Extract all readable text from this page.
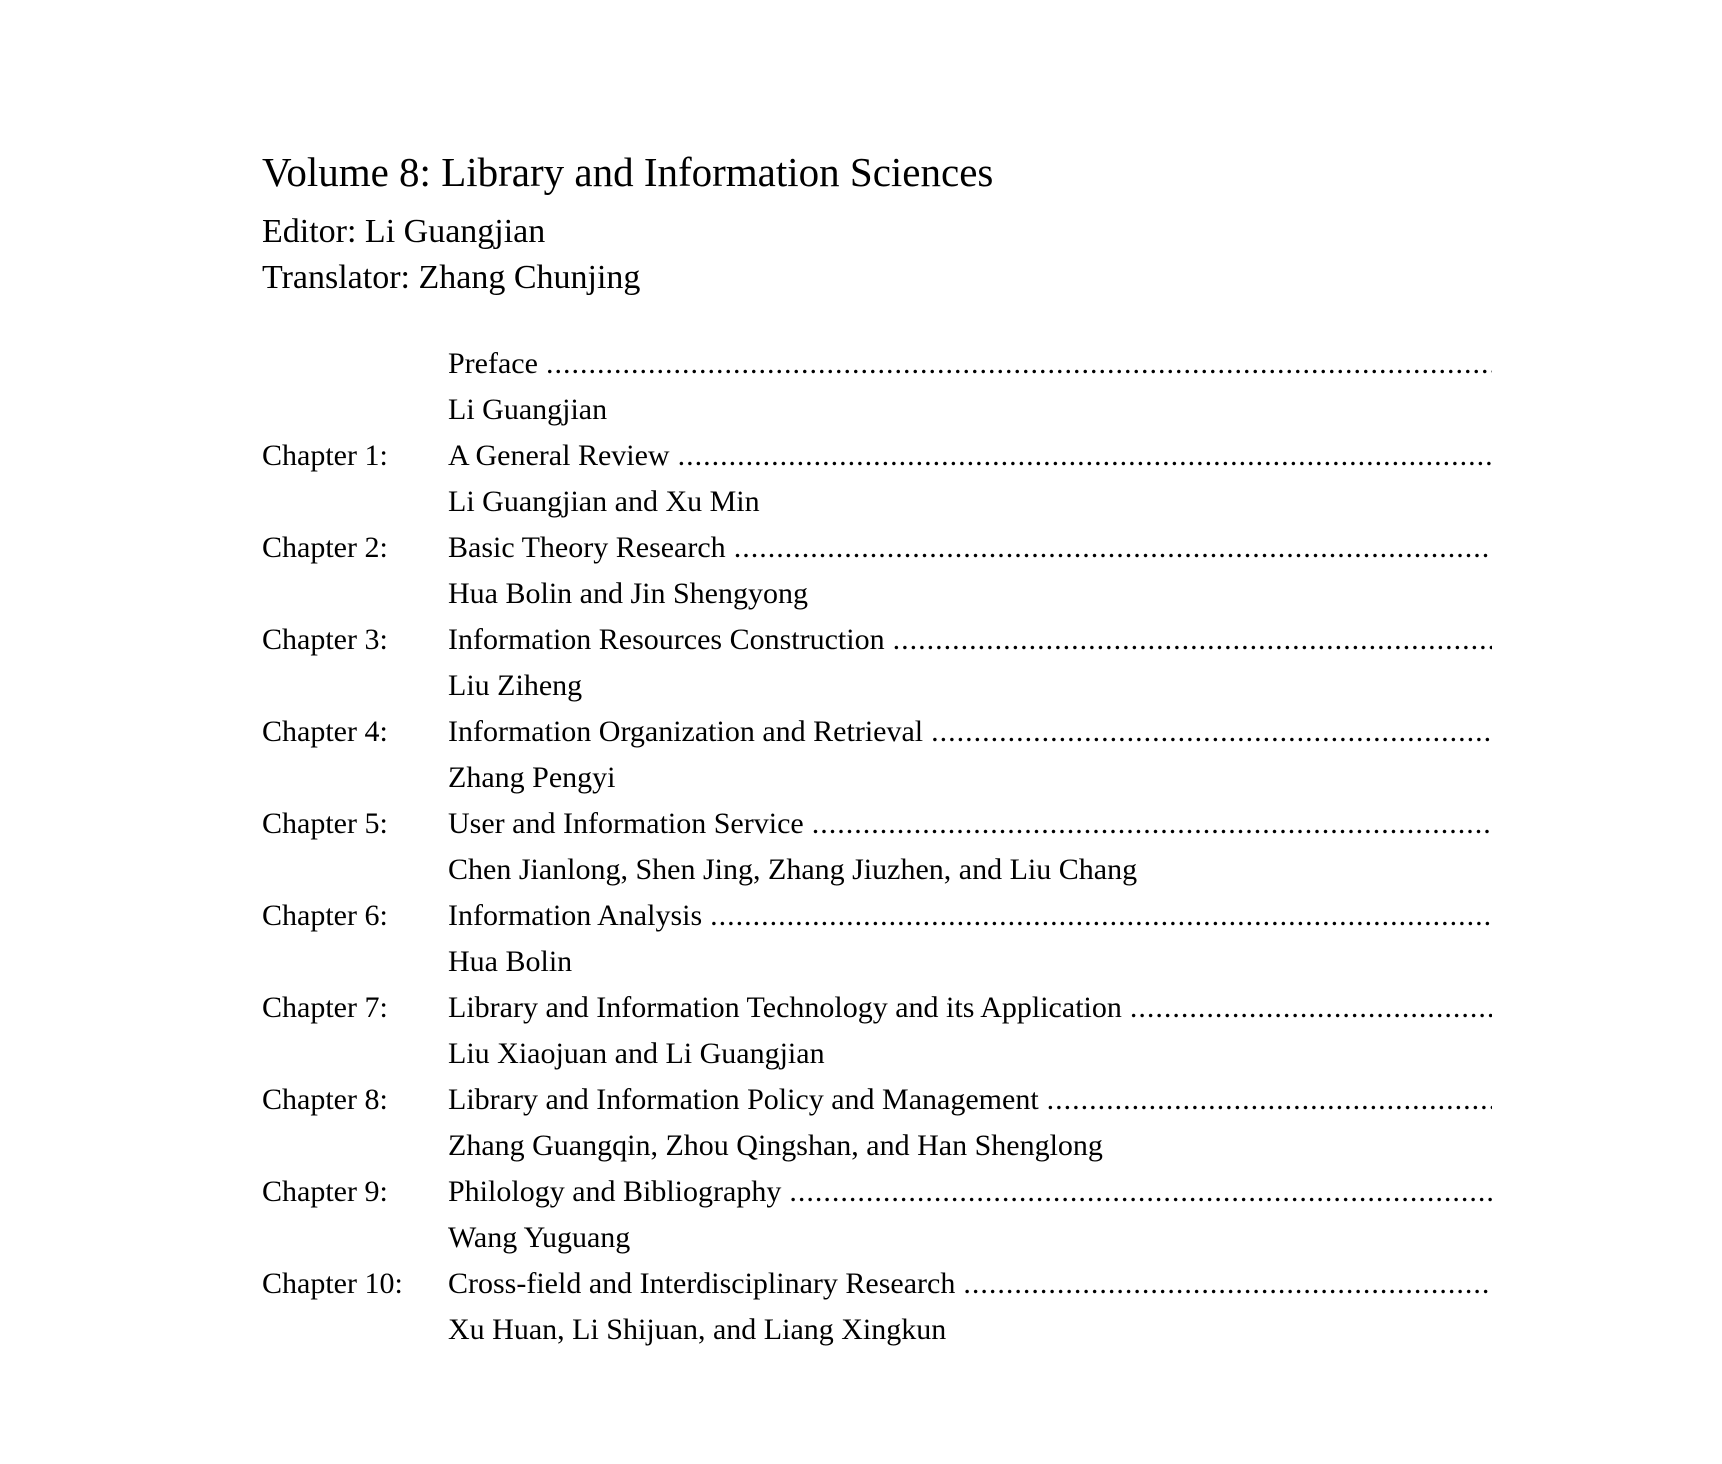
Volume 8: Library and Information Sciences
Editor: Li Guangjian
Translator: Zhang Chunjing
Preface
.....
Li Guangjian
Chapter 1:	A General Review
.....
Li Guangjian and Xu Min
Chapter 2:	Basic Theory Research
.....
Hua Bolin and Jin Shengyong
Chapter 3:	Information Resources Construction
.....
Liu Ziheng
Chapter 4:	Information Organization and Retrieval
.....
Zhang Pengyi
Chapter 5:	User and Information Service
.....
Chen Jianlong, Shen Jing, Zhang Jiuzhen, and Liu Chang
Chapter 6:	Information Analysis
.....
Hua Bolin
Chapter 7:	Library and Information Technology and its Application
.....
Liu Xiaojuan and Li Guangjian
Chapter 8:	Library and Information Policy and Management
.....
Zhang Guangqin, Zhou Qingshan, and Han Shenglong
Chapter 9:	Philology and Bibliography
.....
Wang Yuguang
Chapter 10:	Cross-field and Interdisciplinary Research
.....
Xu Huan, Li Shijuan, and Liang Xingkun
